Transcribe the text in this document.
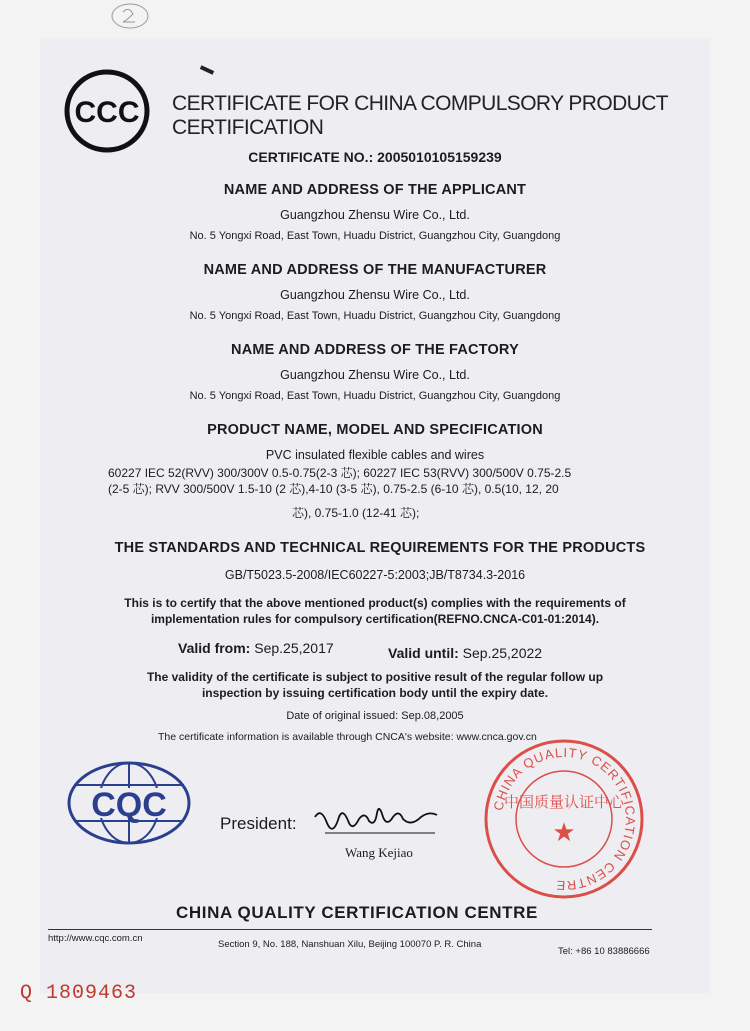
CCC CERTIFICATE FOR CHINA COMPULSORY PRODUCT CERTIFICATION
CERTIFICATE NO.: 2005010105159239
NAME AND ADDRESS OF THE APPLICANT
Guangzhou Zhensu Wire Co., Ltd.
No. 5 Yongxi Road, East Town, Huadu District, Guangzhou City, Guangdong
NAME AND ADDRESS OF THE MANUFACTURER
Guangzhou Zhensu Wire Co., Ltd.
No. 5 Yongxi Road, East Town, Huadu District, Guangzhou City, Guangdong
NAME AND ADDRESS OF THE FACTORY
Guangzhou Zhensu Wire Co., Ltd.
No. 5 Yongxi Road, East Town, Huadu District, Guangzhou City, Guangdong
PRODUCT NAME, MODEL AND SPECIFICATION
PVC insulated flexible cables and wires
60227 IEC 52(RVV) 300/300V 0.5-0.75(2-3 芯); 60227 IEC 53(RVV) 300/500V 0.75-2.5
(2-5 芯); RVV 300/500V 1.5-10 (2 芯),4-10 (3-5 芯), 0.75-2.5 (6-10 芯), 0.5(10, 12, 20
芯), 0.75-1.0 (12-41 芯);
THE STANDARDS AND TECHNICAL REQUIREMENTS FOR THE PRODUCTS
GB/T5023.5-2008/IEC60227-5:2003;JB/T8734.3-2016
This is to certify that the above mentioned product(s) complies with the requirements of
implementation rules for compulsory certification(REFNO.CNCA-C01-01:2014).
Valid from: Sep.25,2017	Valid until: Sep.25,2022
The validity of the certificate is subject to positive result of the regular follow up
inspection by issuing certification body until the expiry date.
Date of original issued: Sep.08,2005
The certificate information is available through CNCA's website: www.cnca.gov.cn
CQC	President:
Wang Kejiao
CHINA QUALITY CERTIFICATION CENTRE
中国质量认证中心
★
CHINA QUALITY CERTIFICATION CENTRE
http://www.cqc.com.cn
Section 9, No. 188, Nanshuan Xilu, Beijing 100070 P. R. China
Tel: +86 10 83886666
Q 1809463
